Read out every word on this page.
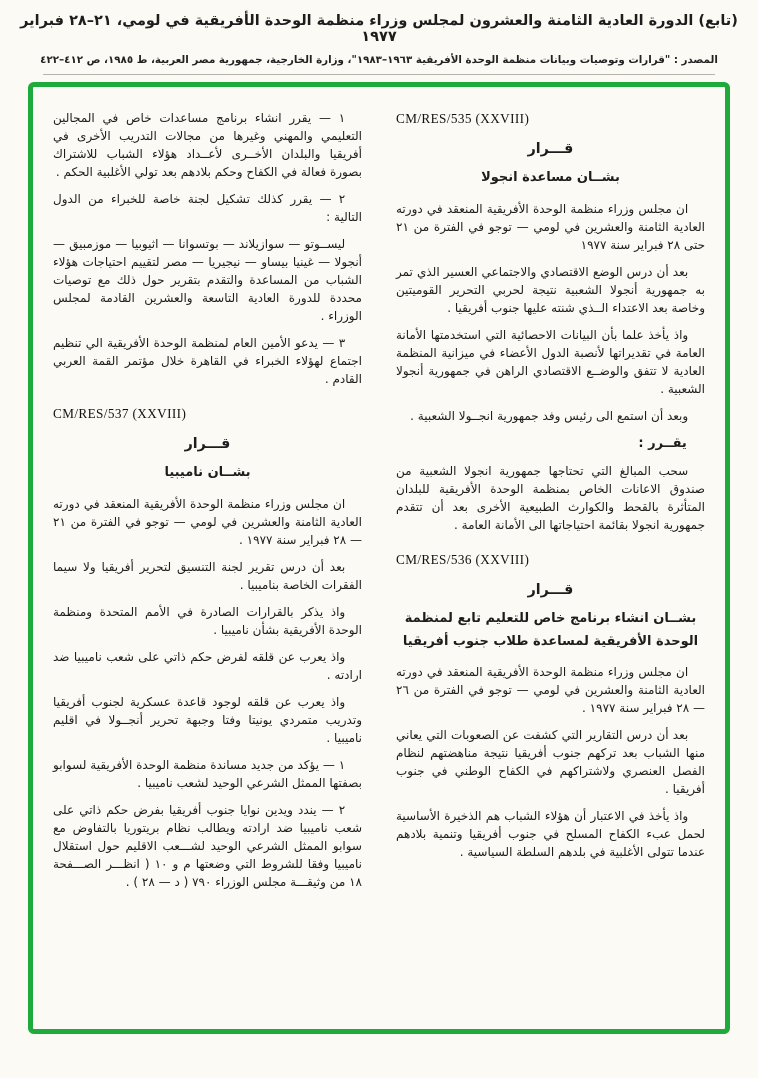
(تابع) الدورة العادية الثامنة والعشرون لمجلس وزراء منظمة الوحدة الأفريقية في لومي، ٢١–٢٨ فبراير ١٩٧٧
المصدر : "قرارات وتوصيات وبيانات منظمة الوحدة الأفريقية ١٩٦٣–١٩٨٣"، وزارة الخارجية، جمهورية مصر العربية، ط ١٩٨٥، ص ٤١٢–٤٢٢
CM/RES/535 (XXVIII)
قـــرار
بشــان مساعدة انجولا

ان مجلس وزراء منظمة الوحدة الأفريقية المنعقد في دورته العادية الثامنة والعشرين في لومي — توجو في الفترة من ٢١ حتى ٢٨ فبراير سنة ١٩٧٧

بعد أن درس الوضع الاقتصادي والاجتماعي العسير الذي تمر به جمهورية أنجولا الشعبية نتيجة لحربي التحرير القوميتين وخاصة بعد الاعتداء الــذي شنته عليها جنوب أفريقيا .

واذ يأخذ علما بأن البيانات الاحصائية التي استخدمتها الأمانة العامة في تقديراتها لأنصبة الدول الأعضاء في ميزانية المنظمة العادية لا تتفق والوضــع الاقتصادي الراهن في جمهورية أنجولا الشعبية .

وبعد أن استمع الى رئيس وفد جمهورية انجــولا الشعبية .

يقــرر :

سحب المبالغ التي تحتاجها جمهورية انجولا الشعبية من صندوق الاعانات الخاص بمنظمة الوحدة الأفريقية للبلدان المتأثرة بالقحط والكوارث الطبيعية الأخرى بعد أن تتقدم جمهورية انجولا بقائمة احتياجاتها الى الأمانة العامة .

CM/RES/536 (XXVIII)
قـــرار
بشــان انشاء برنامج خاص للتعليم تابع لمنظمة
الوحدة الأفريقية لمساعدة طلاب جنوب أفريقيا

ان مجلس وزراء منظمة الوحدة الأفريقية المنعقد في دورته العادية الثامنة والعشرين في لومي — توجو في الفترة من ٢٦ — ٢٨ فبراير سنة ١٩٧٧ .

بعد أن درس التقارير التي كشفت عن الصعوبات التي يعاني منها الشباب بعد تركهم جنوب أفريقيا نتيجة مناهضتهم لنظام الفصل العنصري ولاشتراكهم في الكفاح الوطني في جنوب أفريقيا .

واذ يأخذ في الاعتبار أن هؤلاء الشباب هم الذخيرة الأساسية لحمل عبء الكفاح المسلح في جنوب أفريقيا وتنمية بلادهم عندما تتولى الأغلبية في بلدهم السلطة السياسية .

١ — يقرر انشاء برنامج مساعدات خاص في المجالين التعليمي والمهني وغيرها من مجالات التدريب الأخرى في أفريقيا والبلدان الأخــرى لأعــداد هؤلاء الشباب للاشتراك بصورة فعالة في الكفاح وحكم بلادهم بعد تولي الأغلبية الحكم .

٢ — يقرر كذلك تشكيل لجنة خاصة للخبراء من الدول التالية :

ليســوتو — سوازيلاند — بوتسوانا — اثيوبيا — موزمبيق — أنجولا — غينيا بيساو — نيجيريا — مصر لتقييم احتياجات هؤلاء الشباب من المساعدة والتقدم بتقرير حول ذلك مع توصيات محددة للدورة العادية التاسعة والعشرين القادمة لمجلس الوزراء .

٣ — يدعو الأمين العام لمنظمة الوحدة الأفريقية الي تنظيم اجتماع لهؤلاء الخبراء في القاهرة خلال مؤتمر القمة العربي القادم .

CM/RES/537 (XXVIII)
قـــرار
بشــان ناميبيا

ان مجلس وزراء منظمة الوحدة الأفريقية المنعقد في دورته العادية الثامنة والعشرين في لومي — توجو في الفترة من ٢١ — ٢٨ فبراير سنة ١٩٧٧ .

بعد أن درس تقرير لجنة التنسيق لتحرير أفريقيا ولا سيما الفقرات الخاصة بناميبيا .

واذ يذكر بالقرارات الصادرة في الأمم المتحدة ومنظمة الوحدة الأفريقية بشأن ناميبيا .

واذ يعرب عن قلقه لفرض حكم ذاتي على شعب ناميبيا ضد ارادته .

واذ يعرب عن قلقه لوجود قاعدة عسكرية لجنوب أفريقيا وتدريب متمردي يونيتا وفتا وجبهة تحرير أنجــولا في اقليم ناميبيا .

١ — يؤكد من جديد مساندة منظمة الوحدة الأفريقية لسوابو بصفتها الممثل الشرعي الوحيد لشعب ناميبيا .

٢ — يندد ويدين نوايا جنوب أفريقيا بفرض حكم ذاتي على شعب ناميبيا ضد ارادته ويطالب نظام بريتوريا بالتفاوض مع سوابو الممثل الشرعي الوحيد لشـــعب الاقليم حول استقلال ناميبيا وفقا للشروط التي وضعتها م و ١٠ ( انظـــر الصـــفحة ١٨ من وثيقـــة مجلس الوزراء ٧٩٠ ( د — ٢٨ ) .
